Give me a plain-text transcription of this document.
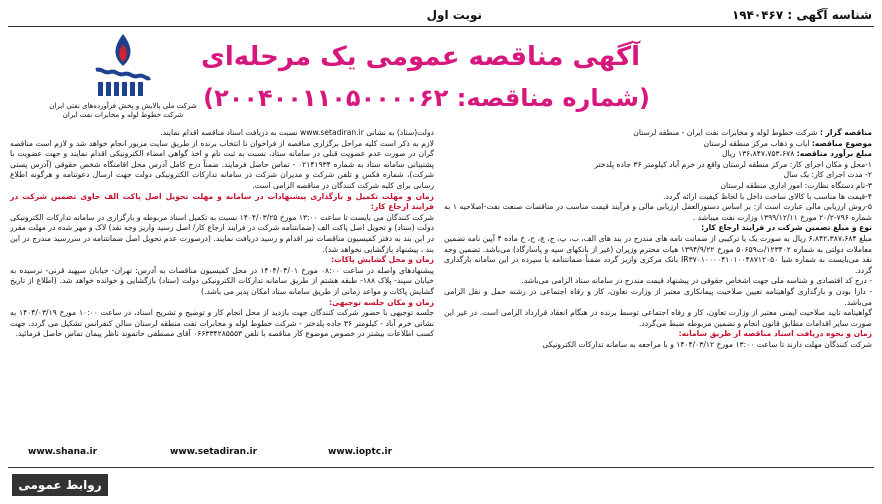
شناسه آگهی : ۱۹۴۰۴۶۷
نوبت اول
آگهی مناقصه عمومی یک مرحله‌ای
(شماره مناقصه: ۲۰۰۴۰۰۱۱۰۵۰۰۰۰۶۲)
شرکت ملی پالایش و پخش فرآورده‌های نفتی ایران
شرکت خطوط لوله و مخابرات نفت ایران

مناقصه گزار : شرکت خطوط لوله و مخابرات نفت ایران - منطقه لرستان

موضوع مناقصه: ایاب و ذهاب مرکز منطقه لرستان

مبلغ برآورد مناقصه: ۱۳۶،۸۴۷،۷۵۳،۶۷۸ ریال

۱-محل و مکان اجرای کار: مرکز منطقه لرستان واقع در خرم آباد کیلومتر ۳۶ جاده پلدختر

۲- مدت اجرای کار: یک سال

۳-نام دستگاه نظارت: امور اداری منطقه لرستان

۴-قیمت ها مناسب با کالای ساخت داخل با لحاظ کیفیت ارائه گردد.

۵-روش ارزیابی مالی عبارت است از: بر اساس دستورالعمل ارزیابی مالی و فرآیند قیمت مناسب در مناقصات صنعت نفت-اصلاحیه ۱ به شماره ۷۹۶-۲۰/۲ مورخ ۱۳۹۹/۱۲/۱۱ وزارت نفت میباشد .

نوع و مبلغ تضمین شرکت در فرایند ارجاع کار:

مبلغ ۶،۸۴۲،۳۸۷،۶۸۴ ریال به صورت یک یا ترکیبی از ضمانت نامه های مندرج در بند های الف، ب، پ، ج، چ، ح، خ ماده ۴ آیین نامه تضمین معاملات دولتی به شماره ۱۲۳۴۰۲/ت۵۰۶۵۹ مورخ ۱۳۹۴/۹/۲۲ هیات محترم وزیران (غیر از بانکهای سپه و پاسارگاد) می‌باشد. تضمین وجه نقد می‌بایست به شماره شبا IR۳۷۰۱۰۰۰۰۴۱۰۱۰۰۴۸۷۱۲۰۵۰ بانک مرکزی واریز گردد ضمناً ضمانتنامه با سپرده در این سامانه بارگذاری گردد.

- درج کد اقتصادی و شناسه ملی جهت اشخاص حقوقی در پیشنهاد قیمت مندرج در سامانه ستاد الزامی می‌باشد.

- دارا بودن و بارگذاری گواهینامه تعیین صلاحیت پیمانکاری معتبر از وزارت تعاون، کار و رفاه اجتماعی در رشته حمل و نقل الزامی می‌باشد.

گواهینامه تایید صلاحیت ایمنی معتبر از وزارت تعاون، کار و رفاه اجتماعی توسط برنده در هنگام انعقاد قرارداد الزامی است. در غیر این صورت سایر اقدامات مطابق قانون انجام و تضمین مربوطه ضبط می‌گردد.

زمان و نحوه دریافت اسناد مناقصه از طریق سامانه:

شرکت کنندگان مهلت دارند تا ساعت ۱۳:۰۰ مورخ ۱۴۰۴/۰۳/۱۲ و با مراجعه به سامانه تدارکات الکترونیکی

دولت(ستاد) به نشانی www.setadiran.ir نسبت به دریافت اسناد مناقصه اقدام نمایند.

لازم به ذکر است کلیه مراحل برگزاری مناقصه از فراخوان تا انتخاب برنده از طریق سایت مزبور انجام خواهد شد و لازم است مناقصه گران در صورت عدم عضویت قبلی در سامانه ستاد، نسبت به ثبت نام و اخذ گواهی امضاء الکترونیکی اقدام نمایند و جهت عضویت با پشتیبانی سامانه ستاد به شماره ۰۲۱۴۱۹۳۴ - تماس حاصل فرمایند. ضمناً درج کامل آدرس محل اقامتگاه شخص حقوقی (آدرس پستی شرکت)، شماره فکس و تلفن شرکت و مدیران شرکت در سامانه تدارکات الکترونیکی دولت جهت ارسال دعوتنامه و هرگونه اطلاع رسانی برای کلیه شرکت کنندگان در مناقصه الزامی است.

زمان و مهلت تکمیل و بارگذاری پیشنهادات در سامانه و مهلت تحویل اصل پاکت الف حاوی تضمین شرکت در فرایند ارجاع کار:

شرکت کنندگان می بایست تا ساعت ۱۳:۰۰ مورخ ۱۴۰۴/۰۳/۲۵ نسبت به تکمیل اسناد مربوطه و بارگزاری در سامانه تدارکات الکترونیکی دولت (ستاد) و تحویل اصل پاکت الف (ضمانتنامه شرکت در فرایند ارجاع کار/ اصل رسید واریز وجه نقد) لاک و مهر شده در مهلت مقرر در این بند به دفتر کمیسیون مناقصات نیز اقدام و رسید دریافت نمایند. (درصورت عدم تحویل اصل ضمانتنامه در سررسید مندرج در این بند ، پیشنهاد بازگشایی نخواهد شد).

زمان و محل گشایش پاکات:

پیشنهادهای واصله در ساعت ۰۸:۰۰ مورخ ۱۴۰۴/۰۴/۰۱ در محل کمیسیون مناقصات به آدرس: تهران- خیابان سپهبد قرنی- نرسیده به خیابان سپند- پلاک ۱۸۸- طبقه هشتم از طریق سامانه تدارکات الکترونیکی دولت (ستاد) بازگشایی و خوانده خواهد شد. (اطلاع از تاریخ گشایش پاکات و مواعد زمانی از طریق سامانه ستاد امکان پذیر می باشد.)

زمان و مکان جلسه توجیهی:

جلسه توجیهی با حضور شرکت کنندگان جهت بازدید از محل انجام کار و توضیح و تشریح اسناد، در ساعت ۱۰:۰۰ مورخ ۱۴۰۴/۰۳/۱۹ به نشانی خرم آباد - کیلومتر ۳۶ جاده پلدختر - شرکت خطوط لوله و مخابرات نفت منطقه لرستان سالن کنفرانس تشکیل می گردد. جهت کسب اطلاعات بیشتر در خصوص موضوع کار مناقصه با تلفن ۰۶۶۳۳۴۲۸۵۵۵۳ آقای مصطفی حاتموند ناظر پیمان تماس حاصل فرمائید.

www.shana.ir	www.setadiran.ir	www.ioptc.ir
روابط عمومی
